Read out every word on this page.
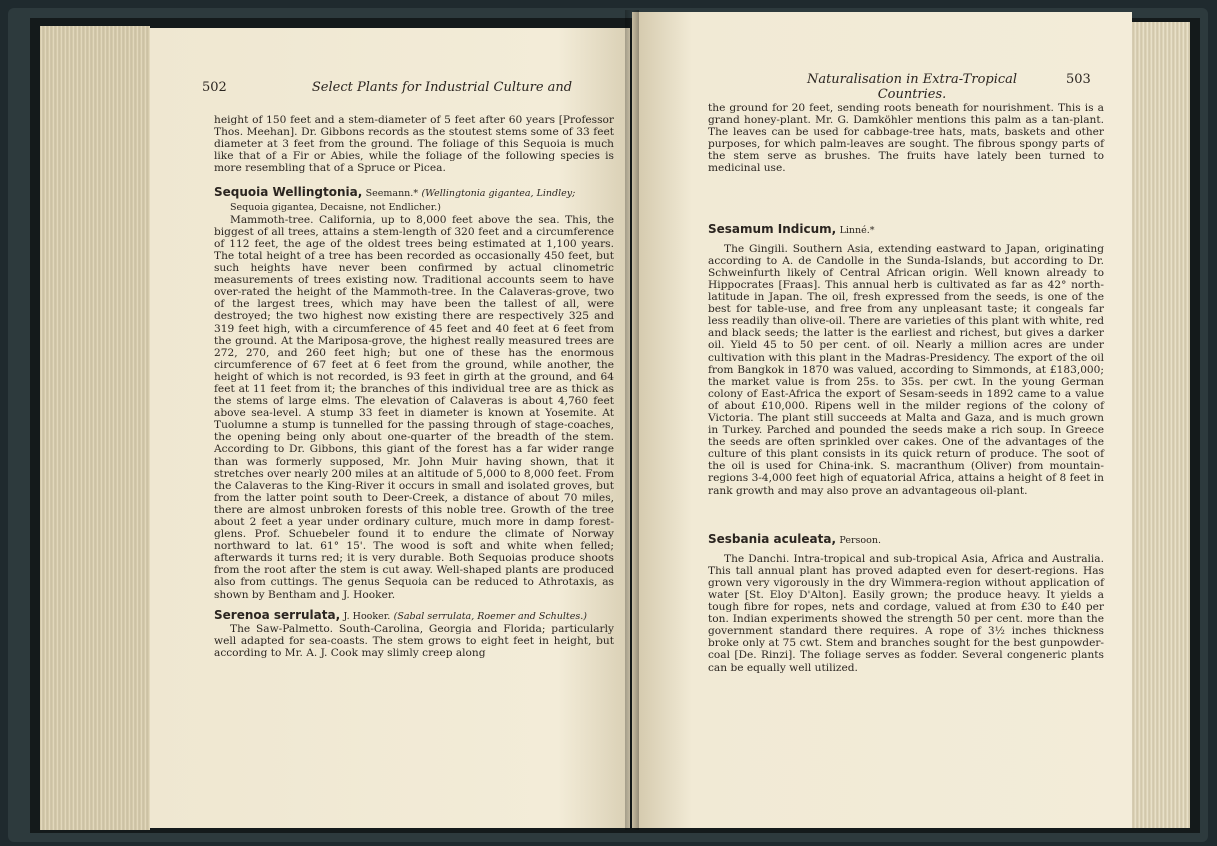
502	Select Plants for Industrial Culture and

height of 150 feet and a stem-diameter of 5 feet after 60 years [Professor Thos. Meehan]. Dr. Gibbons records as the stoutest stems some of 33 feet diameter at 3 feet from the ground. The foliage of this Sequoia is much like that of a Fir or Abies, while the foliage of the following species is more resembling that of a Spruce or Picea.

Sequoia Wellingtonia, Seemann.* (Wellingtonia gigantea, Lindley;
Sequoia gigantea, Decaisne, not Endlicher.)

Mammoth-tree. California, up to 8,000 feet above the sea. This, the biggest of all trees, attains a stem-length of 320 feet and a circumference of 112 feet, the age of the oldest trees being estimated at 1,100 years. The total height of a tree has been recorded as occasionally 450 feet, but such heights have never been confirmed by actual clinometric measurements of trees existing now. Traditional accounts seem to have over-rated the height of the Mammoth-tree. In the Calaveras-grove, two of the largest trees, which may have been the tallest of all, were destroyed; the two highest now existing there are respectively 325 and 319 feet high, with a circumference of 45 feet and 40 feet at 6 feet from the ground. At the Mariposa-grove, the highest really measured trees are 272, 270, and 260 feet high; but one of these has the enormous circumference of 67 feet at 6 feet from the ground, while another, the height of which is not recorded, is 93 feet in girth at the ground, and 64 feet at 11 feet from it; the branches of this individual tree are as thick as the stems of large elms. The elevation of Calaveras is about 4,760 feet above sea-level. A stump 33 feet in diameter is known at Yosemite. At Tuolumne a stump is tunnelled for the passing through of stage-coaches, the opening being only about one-quarter of the breadth of the stem. According to Dr. Gibbons, this giant of the forest has a far wider range than was formerly supposed, Mr. John Muir having shown, that it stretches over nearly 200 miles at an altitude of 5,000 to 8,000 feet. From the Calaveras to the King-River it occurs in small and isolated groves, but from the latter point south to Deer-Creek, a distance of about 70 miles, there are almost unbroken forests of this noble tree. Growth of the tree about 2 feet a year under ordinary culture, much more in damp forest-glens. Prof. Schuebeler found it to endure the climate of Norway northward to lat. 61° 15'. The wood is soft and white when felled; afterwards it turns red; it is very durable. Both Sequoias produce shoots from the root after the stem is cut away. Well-shaped plants are produced also from cuttings. The genus Sequoia can be reduced to Athrotaxis, as shown by Bentham and J. Hooker.

Serenoa serrulata, J. Hooker. (Sabal serrulata, Roemer and Schultes.)

The Saw-Palmetto. South-Carolina, Georgia and Florida; particularly well adapted for sea-coasts. The stem grows to eight feet in height, but according to Mr. A. J. Cook may slimly creep along

Naturalisation in Extra-Tropical Countries.
503

the ground for 20 feet, sending roots beneath for nourishment. This is a grand honey-plant. Mr. G. Damköhler mentions this palm as a tan-plant. The leaves can be used for cabbage-tree hats, mats, baskets and other purposes, for which palm-leaves are sought. The fibrous spongy parts of the stem serve as brushes. The fruits have lately been turned to medicinal use.

Sesamum Indicum, Linné.*

The Gingili. Southern Asia, extending eastward to Japan, originating according to A. de Candolle in the Sunda-Islands, but according to Dr. Schweinfurth likely of Central African origin. Well known already to Hippocrates [Fraas]. This annual herb is cultivated as far as 42° north-latitude in Japan. The oil, fresh expressed from the seeds, is one of the best for table-use, and free from any unpleasant taste; it congeals far less readily than olive-oil. There are varieties of this plant with white, red and black seeds; the latter is the earliest and richest, but gives a darker oil. Yield 45 to 50 per cent. of oil. Nearly a million acres are under cultivation with this plant in the Madras-Presidency. The export of the oil from Bangkok in 1870 was valued, according to Simmonds, at £183,000; the market value is from 25s. to 35s. per cwt. In the young German colony of East-Africa the export of Sesam-seeds in 1892 came to a value of about £10,000. Ripens well in the milder regions of the colony of Victoria. The plant still succeeds at Malta and Gaza, and is much grown in Turkey. Parched and pounded the seeds make a rich soup. In Greece the seeds are often sprinkled over cakes. One of the advantages of the culture of this plant consists in its quick return of produce. The soot of the oil is used for China-ink. S. macranthum (Oliver) from mountain-regions 3-4,000 feet high of equatorial Africa, attains a height of 8 feet in rank growth and may also prove an advantageous oil-plant.

Sesbania aculeata, Persoon.

The Danchi. Intra-tropical and sub-tropical Asia, Africa and Australia. This tall annual plant has proved adapted even for desert-regions. Has grown very vigorously in the dry Wimmera-region without application of water [St. Eloy D'Alton]. Easily grown; the produce heavy. It yields a tough fibre for ropes, nets and cordage, valued at from £30 to £40 per ton. Indian experiments showed the strength 50 per cent. more than the government standard there requires. A rope of 3½ inches thickness broke only at 75 cwt. Stem and branches sought for the best gunpowder-coal [De. Rinzi]. The foliage serves as fodder. Several congeneric plants can be equally well utilized.
